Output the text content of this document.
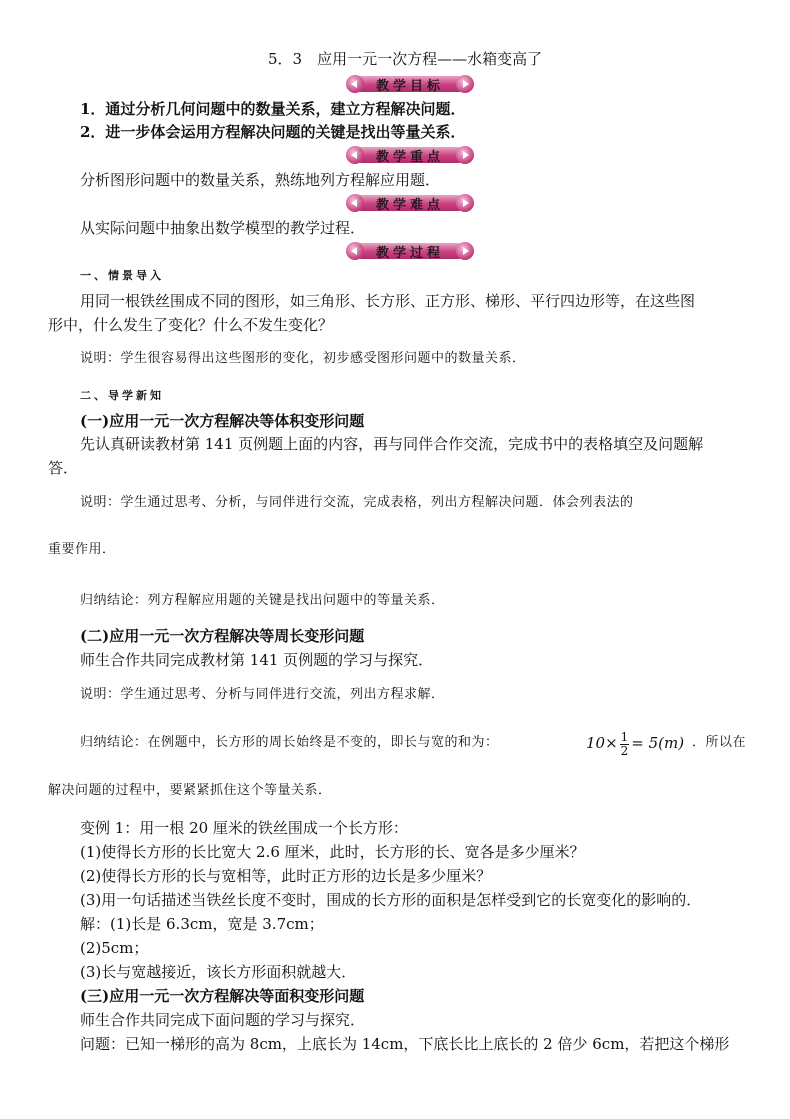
5．3　应用一元一次方程——水箱变高了
教学目标
1．通过分析几何问题中的数量关系，建立方程解决问题．
2．进一步体会运用方程解决问题的关键是找出等量关系．
教学重点
分析图形问题中的数量关系，熟练地列方程解应用题．
教学难点
从实际问题中抽象出数学模型的教学过程．
教学过程
一、情景导入
用同一根铁丝围成不同的图形，如三角形、长方形、正方形、梯形、平行四边形等，在这些图
形中，什么发生了变化？什么不发生变化？
说明：学生很容易得出这些图形的变化，初步感受图形问题中的数量关系．
二、导学新知
(一)应用一元一次方程解决等体积变形问题
先认真研读教材第 141 页例题上面的内容，再与同伴合作交流，完成书中的表格填空及问题解
答．
说明：学生通过思考、分析，与同伴进行交流，完成表格，列出方程解决问题．体会列表法的
重要作用．
归纳结论：列方程解应用题的关键是找出问题中的等量关系．
(二)应用一元一次方程解决等周长变形问题
师生合作共同完成教材第 141 页例题的学习与探究．
说明：学生通过思考、分析与同伴进行交流，列出方程求解．
归纳结论：在例题中，长方形的周长始终是不变的，即长与宽的和为：	$10\times \frac{1}{2} = 5(m)$ ．所以在
解决问题的过程中，要紧紧抓住这个等量关系．
变例 1：用一根 20 厘米的铁丝围成一个长方形：
(1)使得长方形的长比宽大 2.6 厘米，此时，长方形的长、宽各是多少厘米？
(2)使得长方形的长与宽相等，此时正方形的边长是多少厘米？
(3)用一句话描述当铁丝长度不变时，围成的长方形的面积是怎样受到它的长宽变化的影响的．
解：(1)长是 6.3cm，宽是 3.7cm；
(2)5cm；
(3)长与宽越接近，该长方形面积就越大．
(三)应用一元一次方程解决等面积变形问题
师生合作共同完成下面问题的学习与探究．
问题：已知一梯形的高为 8cm，上底长为 14cm，下底长比上底长的 2 倍少 6cm，若把这个梯形
